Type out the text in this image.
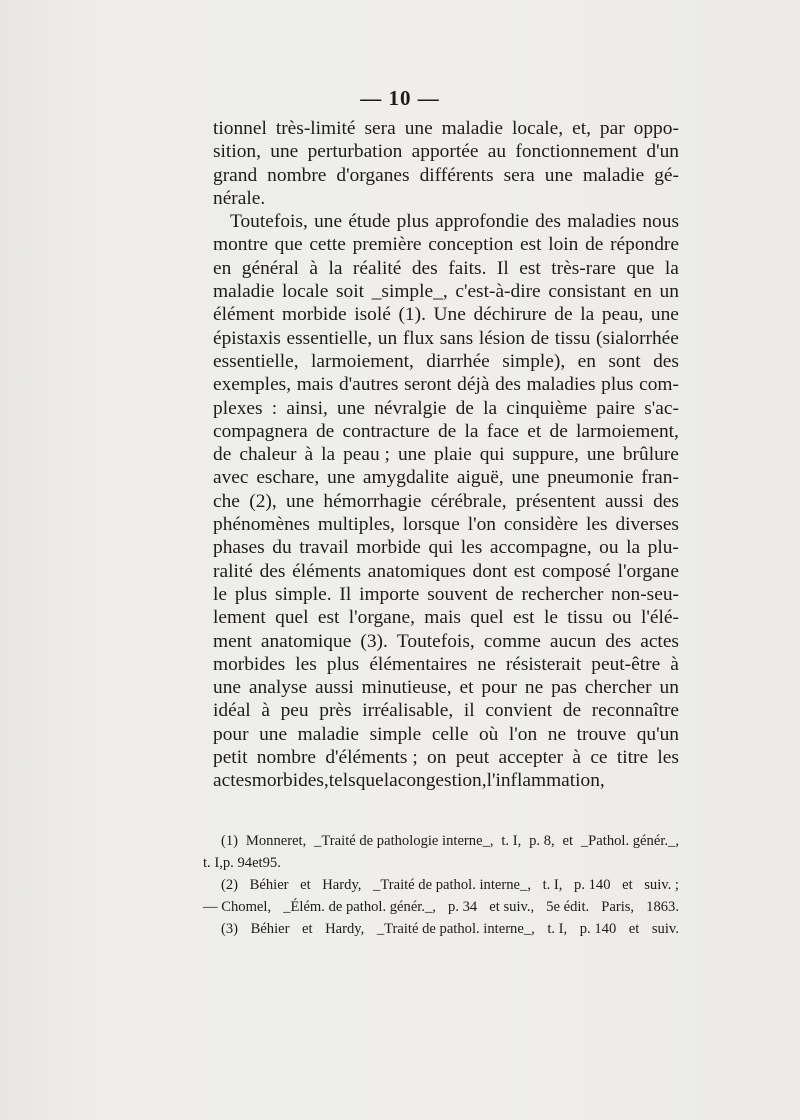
— 10 —
tionnel très-limité sera une maladie locale, et, par oppo-
sition, une perturbation apportée au fonctionnement d'un
grand nombre d'organes différents sera une maladie gé-
nérale.
Toutefois, une étude plus approfondie des maladies nous
montre que cette première conception est loin de répondre
en général à la réalité des faits. Il est très-rare que la
maladie locale soit _simple_, c'est-à-dire consistant en un
élément morbide isolé (1). Une déchirure de la peau, une
épistaxis essentielle, un flux sans lésion de tissu (sialorrhée
essentielle, larmoiement, diarrhée simple), en sont des
exemples, mais d'autres seront déjà des maladies plus com-
plexes : ainsi, une névralgie de la cinquième paire s'ac-
compagnera de contracture de la face et de larmoiement,
de chaleur à la peau ; une plaie qui suppure, une brûlure
avec eschare, une amygdalite aiguë, une pneumonie fran-
che (2), une hémorrhagie cérébrale, présentent aussi des
phénomènes multiples, lorsque l'on considère les diverses
phases du travail morbide qui les accompagne, ou la plu-
ralité des éléments anatomiques dont est composé l'organe
le plus simple. Il importe souvent de rechercher non-seu-
lement quel est l'organe, mais quel est le tissu ou l'élé-
ment anatomique (3). Toutefois, comme aucun des actes
morbides les plus élémentaires ne résisterait peut-être à
une analyse aussi minutieuse, et pour ne pas chercher un
idéal à peu près irréalisable, il convient de reconnaître
pour une maladie simple celle où l'on ne trouve qu'un
petit nombre d'éléments ; on peut accepter à ce titre les
actes morbides, tels que la congestion, l'inflammation,
(1) Monneret, _Traité de pathologie interne_, t. I, p. 8, et _Pathol. génér._,
t. I, p. 94 et 95.
(2) Béhier et Hardy, _Traité de pathol. interne_, t. I, p. 140 et suiv. ;
— Chomel, _Élém. de pathol. génér._, p. 34 et suiv., 5e édit. Paris, 1863.
(3) Béhier et Hardy, _Traité de pathol. interne_, t. I, p. 140 et suiv.
